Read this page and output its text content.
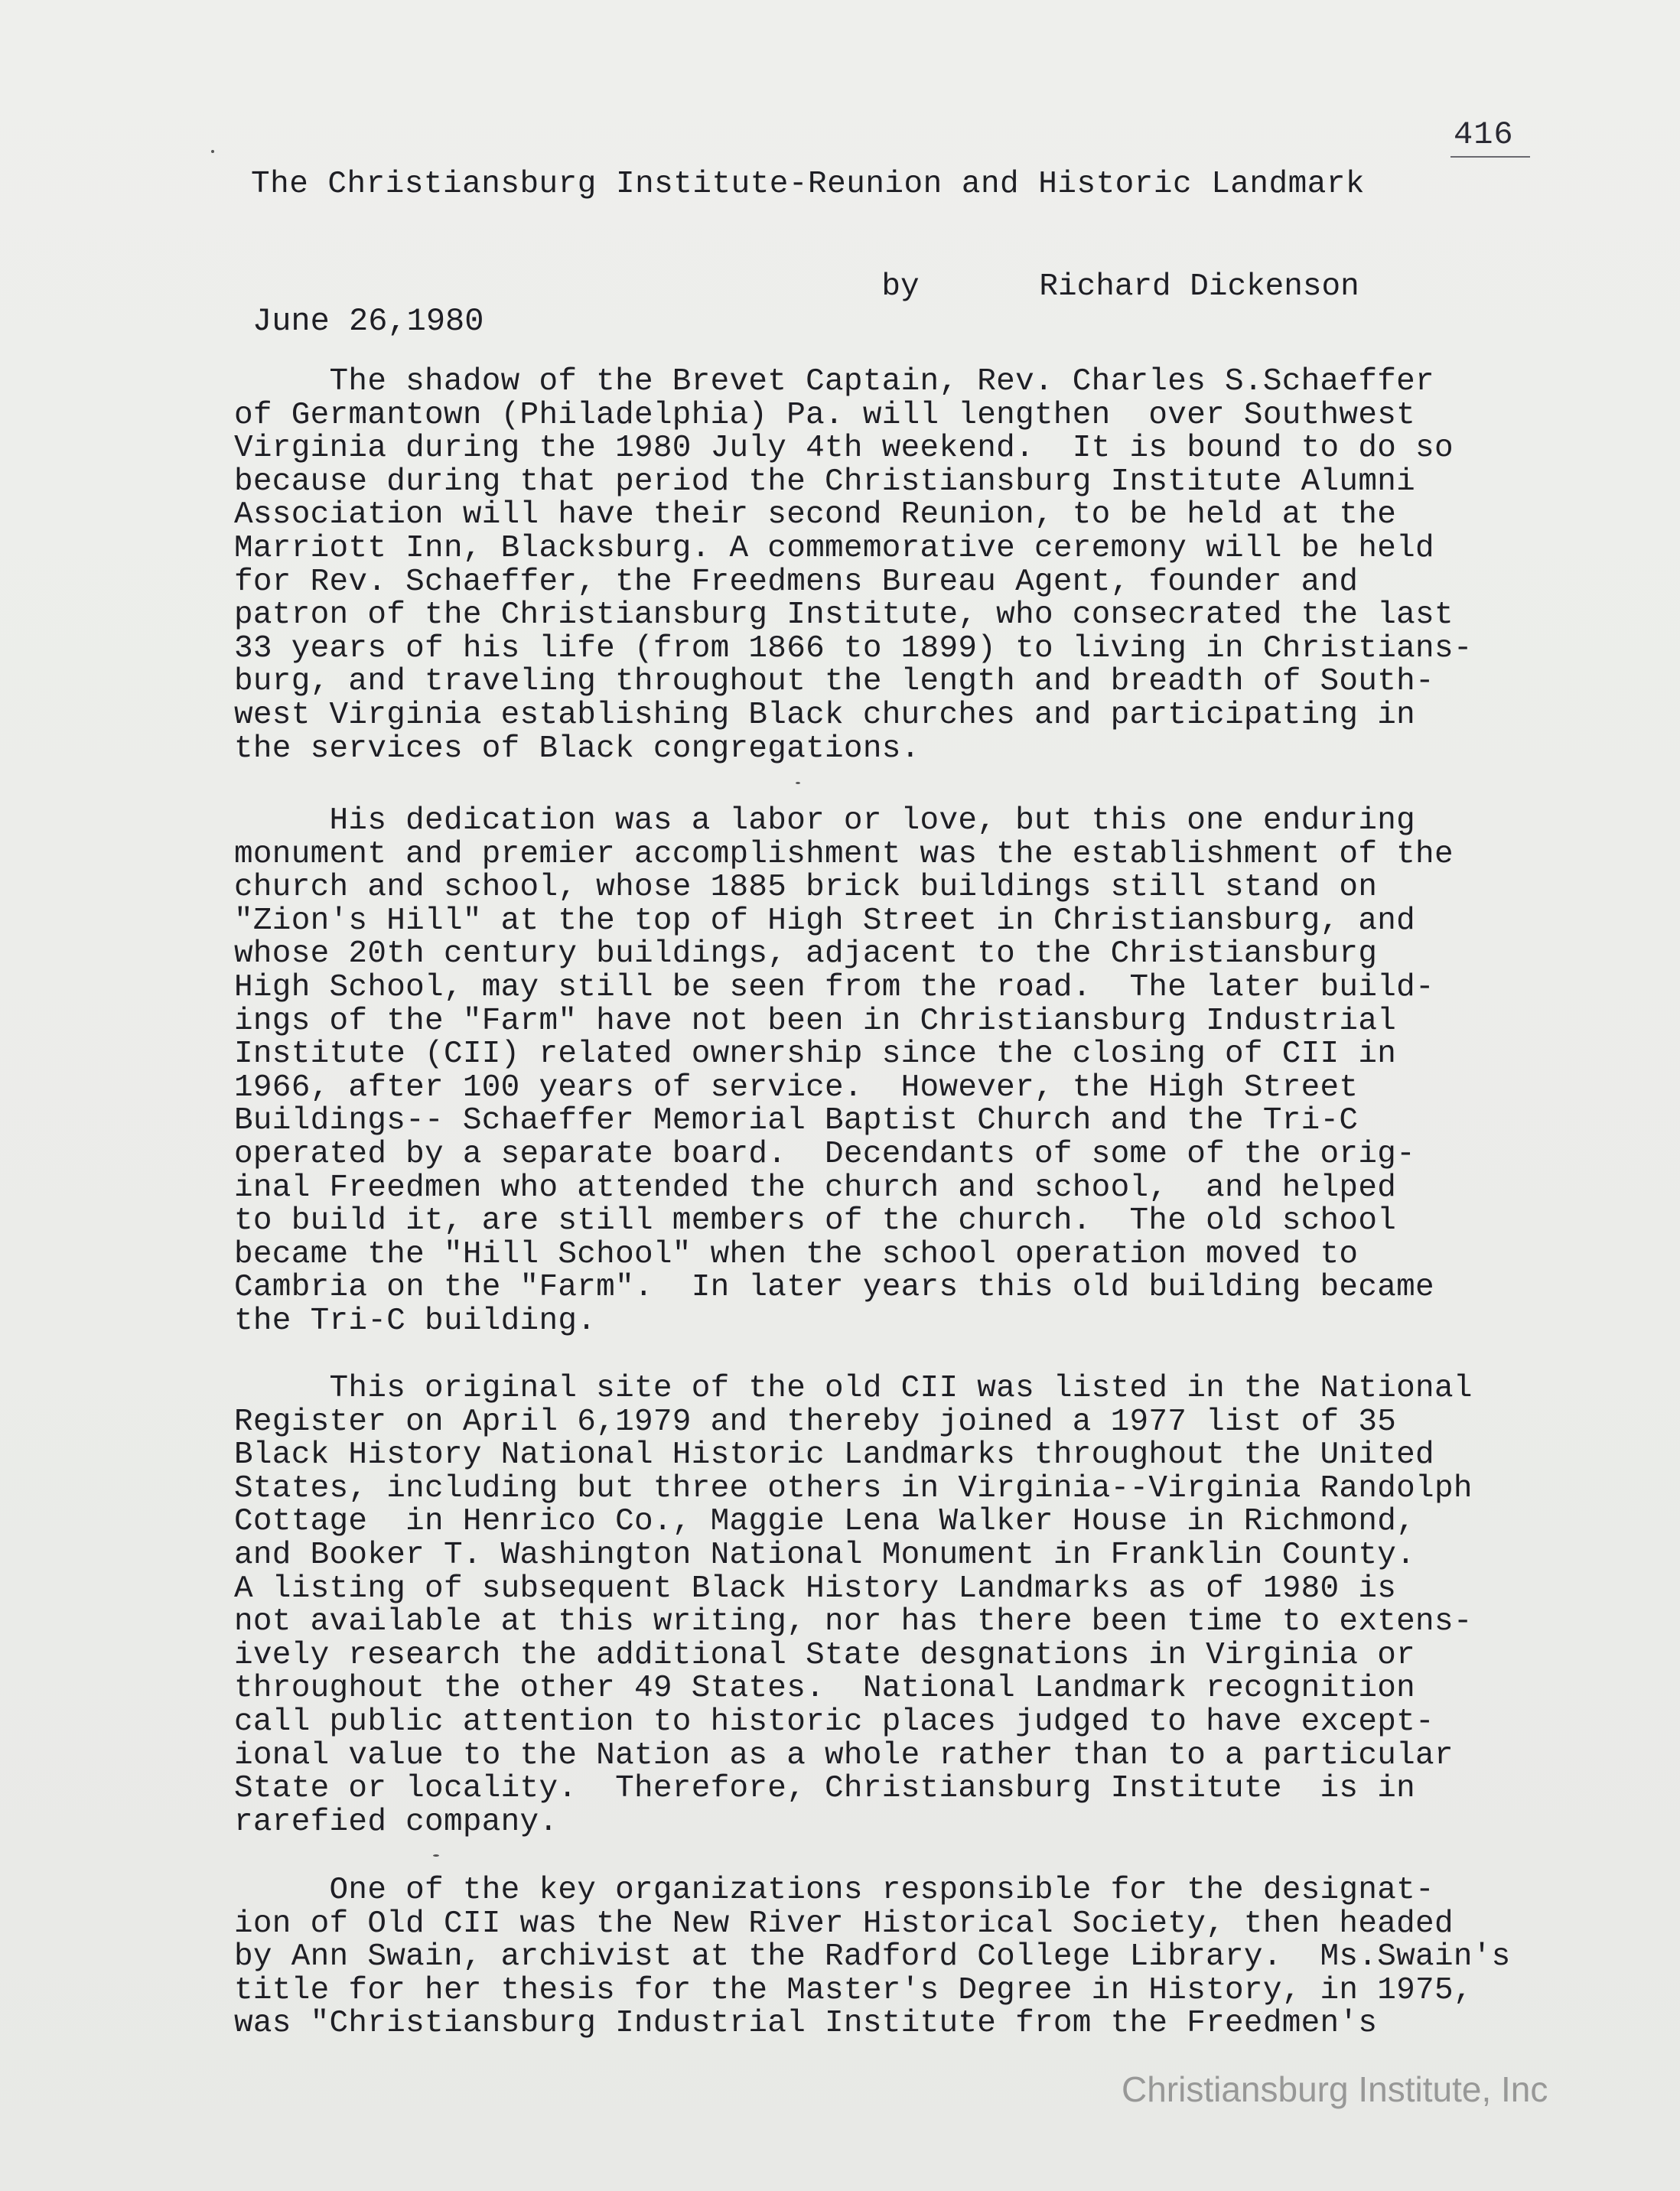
416
The Christiansburg Institute-Reunion and Historic Landmark

by	Richard Dickenson

June 26,1980
The shadow of the Brevet Captain, Rev. Charles S.Schaeffer
of Germantown (Philadelphia) Pa. will lengthen  over Southwest
Virginia during the 1980 July 4th weekend.  It is bound to do so
because during that period the Christiansburg Institute Alumni
Association will have their second Reunion, to be held at the
Marriott Inn, Blacksburg. A commemorative ceremony will be held
for Rev. Schaeffer, the Freedmens Bureau Agent, founder and
patron of the Christiansburg Institute, who consecrated the last
33 years of his life (from 1866 to 1899) to living in Christians-
burg, and traveling throughout the length and breadth of South-
west Virginia establishing Black churches and participating in
the services of Black congregations.
His dedication was a labor or love, but this one enduring
monument and premier accomplishment was the establishment of the
church and school, whose 1885 brick buildings still stand on
"Zion's Hill" at the top of High Street in Christiansburg, and
whose 20th century buildings, adjacent to the Christiansburg
High School, may still be seen from the road.  The later build-
ings of the "Farm" have not been in Christiansburg Industrial
Institute (CII) related ownership since the closing of CII in
1966, after 100 years of service.  However, the High Street
Buildings-- Schaeffer Memorial Baptist Church and the Tri-C
operated by a separate board.  Decendants of some of the orig-
inal Freedmen who attended the church and school,  and helped
to build it, are still members of the church.  The old school
became the "Hill School" when the school operation moved to
Cambria on the "Farm".  In later years this old building became
the Tri-C building.
This original site of the old CII was listed in the National
Register on April 6,1979 and thereby joined a 1977 list of 35
Black History National Historic Landmarks throughout the United
States, including but three others in Virginia--Virginia Randolph
Cottage  in Henrico Co., Maggie Lena Walker House in Richmond,
and Booker T. Washington National Monument in Franklin County.
A listing of subsequent Black History Landmarks as of 1980 is
not available at this writing, nor has there been time to extens-
ively research the additional State desgnations in Virginia or
throughout the other 49 States.  National Landmark recognition
call public attention to historic places judged to have except-
ional value to the Nation as a whole rather than to a particular
State or locality.  Therefore, Christiansburg Institute  is in
rarefied company.
One of the key organizations responsible for the designat-
ion of Old CII was the New River Historical Society, then headed
by Ann Swain, archivist at the Radford College Library.  Ms.Swain's
title for her thesis for the Master's Degree in History, in 1975,
was "Christiansburg Industrial Institute from the Freedmen's
Christiansburg Institute, Inc
